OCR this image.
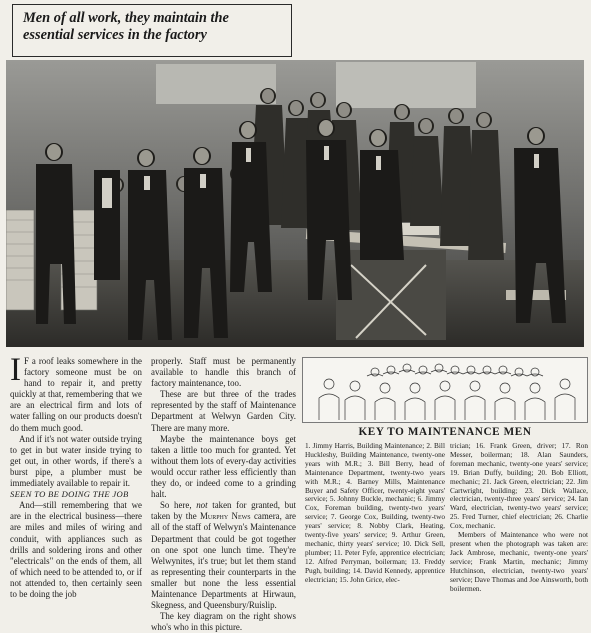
Men of all work, they maintain the
essential services in the factory

I F a roof leaks somewhere in the factory someone must be on hand to repair it, and pretty quickly at that, remembering that we are an electrical firm and lots of water falling on our products doesn't do them much good.

And if it's not water outside trying to get in but water inside trying to get out, in other words, if there's a burst pipe, a plumber must be immediately available to repair it.

SEEN TO BE DOING THE JOB

And—still remembering that we are in the electrical business—there are miles and miles of wiring and conduit, with appliances such as drills and soldering irons and other "electricals" on the ends of them, all of which need to be attended to, or if not attended to, then certainly seen to be doing the job

properly. Staff must be permanently available to handle this branch of factory maintenance, too.

These are but three of the trades represented by the staff of Maintenance Department at Welwyn Garden City. There are many more.

Maybe the maintenance boys get taken a little too much for granted. Yet without them lots of every-day activities would occur rather less efficiently than they do, or indeed come to a grinding halt.

So here, not taken for granted, but taken by the Murphy News camera, are all of the staff of Welwyn's Maintenance Department that could be got together on one spot one lunch time. They're Welwynites, it's true; but let them stand as representing their counterparts in the smaller but none the less essential Maintenance Departments at Hirwaun, Skegness, and Queensbury/Ruislip.

The key diagram on the right shows who's who in this picture.

KEY TO MAINTENANCE MEN

1. Jimmy Harris, Building Maintenance; 2. Bill Huckleshy, Building Maintenance, twenty-one years with M.R.; 3. Bill Berry, head of Maintenance Department, twenty-two years with M.R.; 4. Barney Mills, Maintenance Buyer and Safety Officer, twenty-eight years' service; 5. Johnny Buckle, mechanic; 6. Jimmy Cox, Foreman building, twenty-two years' service; 7. George Cox, Building, twenty-two years' service; 8. Nobby Clark, Heating, twenty-five years' service; 9. Arthur Green, mechanic, thirty years' service; 10. Dick Sell, plumber; 11. Peter Fyfe, apprentice electrician; 12. Alfred Perryman, boilerman; 13. Freddy Pugh, building; 14. David Kennedy, apprentice electrician; 15. John Grice, elec-

trician; 16. Frank Green, driver; 17. Ron Messer, boilerman; 18. Alan Saunders, foreman mechanic, twenty-one years' service; 19. Brian Duffy, building; 20. Bob Elliott, mechanic; 21. Jack Green, electrician; 22. Jim Cartwright, building; 23. Dick Wallace, electrician, twenty-three years' service; 24. Ian Ward, electrician, twenty-two years' service; 25. Fred Turner, chief electrician; 26. Charlie Cox, mechanic.

Members of Maintenance who were not present when the photograph was taken are: Jack Ambrose, mechanic, twenty-one years' service; Frank Martin, mechanic; Jimmy Hutchinson, electrician, twenty-two years' service; Dave Thomas and Joe Ainsworth, both boilermen.
